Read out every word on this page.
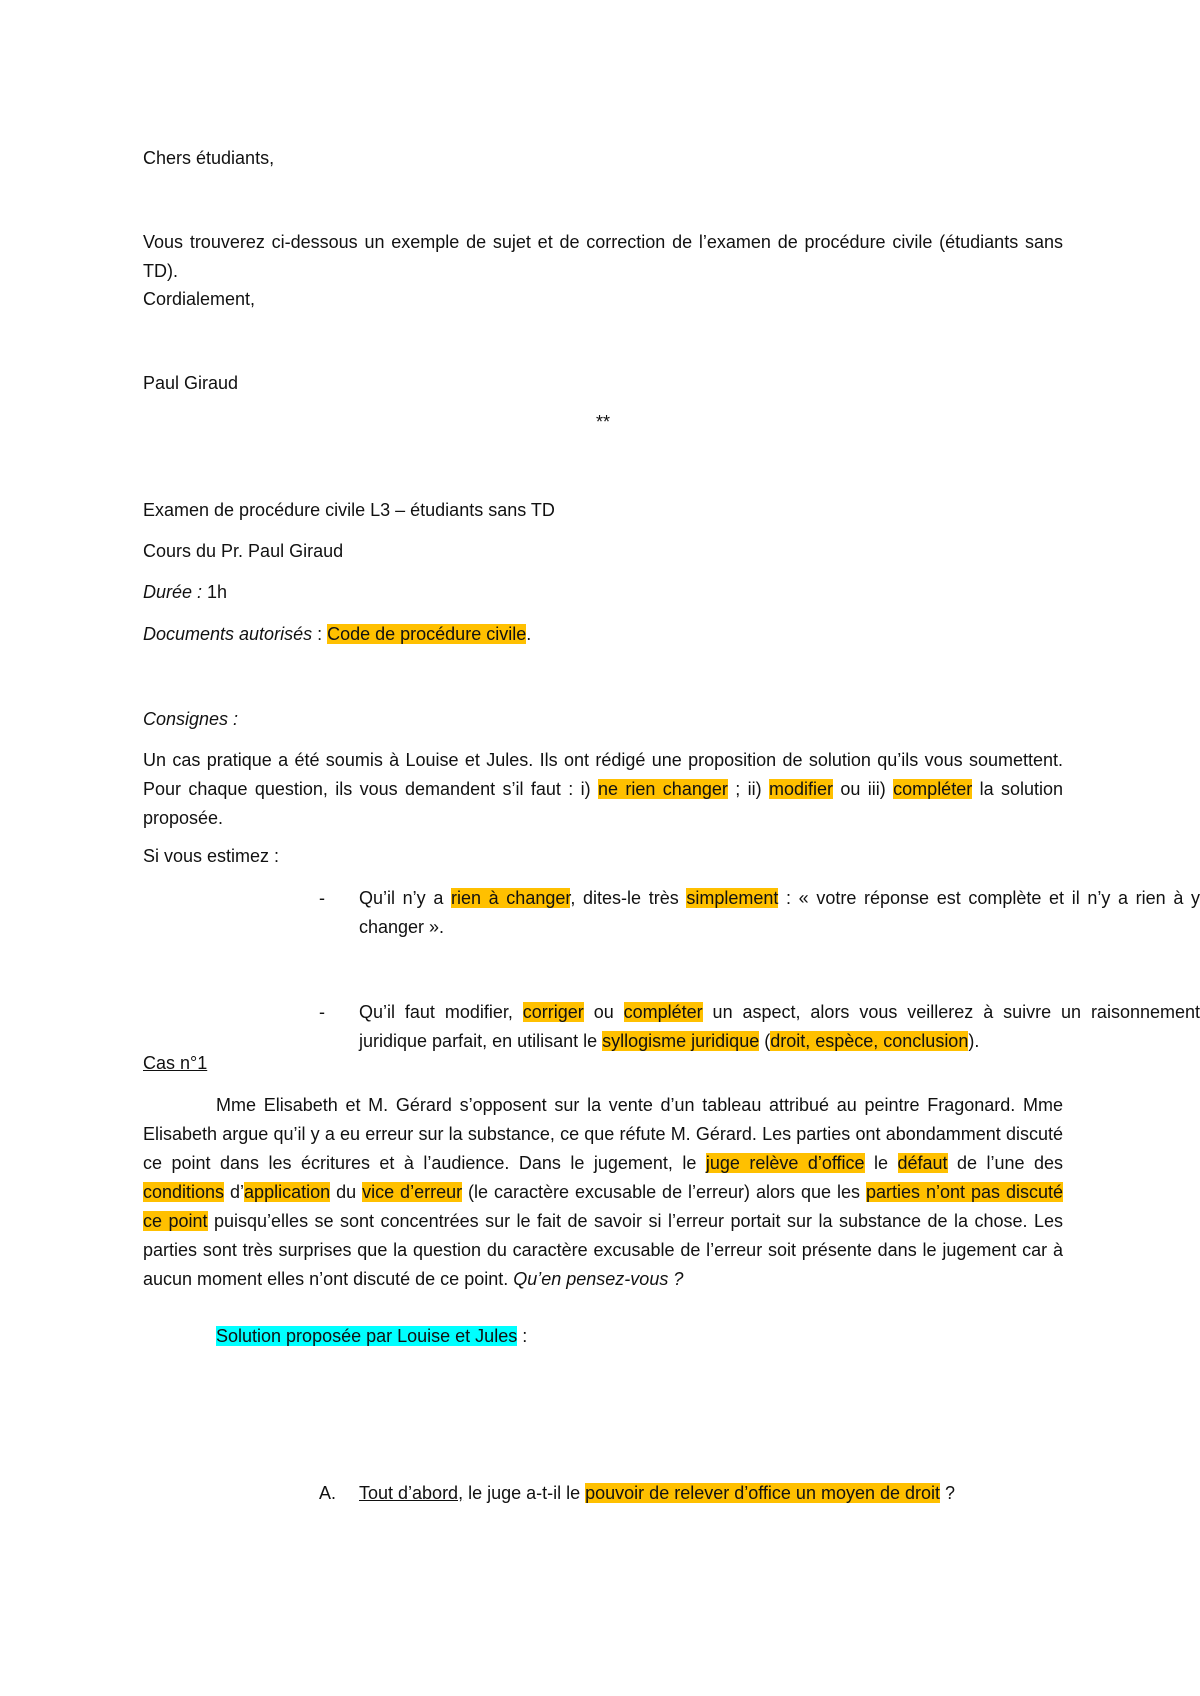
Chers étudiants,

Vous trouverez ci-dessous un exemple de sujet et de correction de l’examen de procédure civile (étudiants sans TD).

Cordialement,

Paul Giraud

**

Examen de procédure civile L3 – étudiants sans TD

Cours du Pr. Paul Giraud

Durée : 1h

Documents autorisés : Code de procédure civile.

Consignes :

Un cas pratique a été soumis à Louise et Jules. Ils ont rédigé une proposition de solution qu’ils vous soumettent. Pour chaque question, ils vous demandent s’il faut : i) ne rien changer ; ii) modifier ou iii) compléter la solution proposée.

Si vous estimez :

- Qu’il n’y a rien à changer, dites-le très simplement : « votre réponse est complète et il n’y a rien à y changer ».

- Qu’il faut modifier, corriger ou compléter un aspect, alors vous veillerez à suivre un raisonnement juridique parfait, en utilisant le syllogisme juridique (droit, espèce, conclusion).

Cas n°1

Mme Elisabeth et M. Gérard s’opposent sur la vente d’un tableau attribué au peintre Fragonard. Mme Elisabeth argue qu’il y a eu erreur sur la substance, ce que réfute M. Gérard. Les parties ont abondamment discuté ce point dans les écritures et à l’audience. Dans le jugement, le juge relève d’office le défaut de l’une des conditions d’application du vice d’erreur (le caractère excusable de l’erreur) alors que les parties n’ont pas discuté ce point puisqu’elles se sont concentrées sur le fait de savoir si l’erreur portait sur la substance de la chose. Les parties sont très surprises que la question du caractère excusable de l’erreur soit présente dans le jugement car à aucun moment elles n’ont discuté de ce point. Qu’en pensez-vous ?

Solution proposée par Louise et Jules :

A. Tout d’abord, le juge a-t-il le pouvoir de relever d’office un moyen de droit ?
